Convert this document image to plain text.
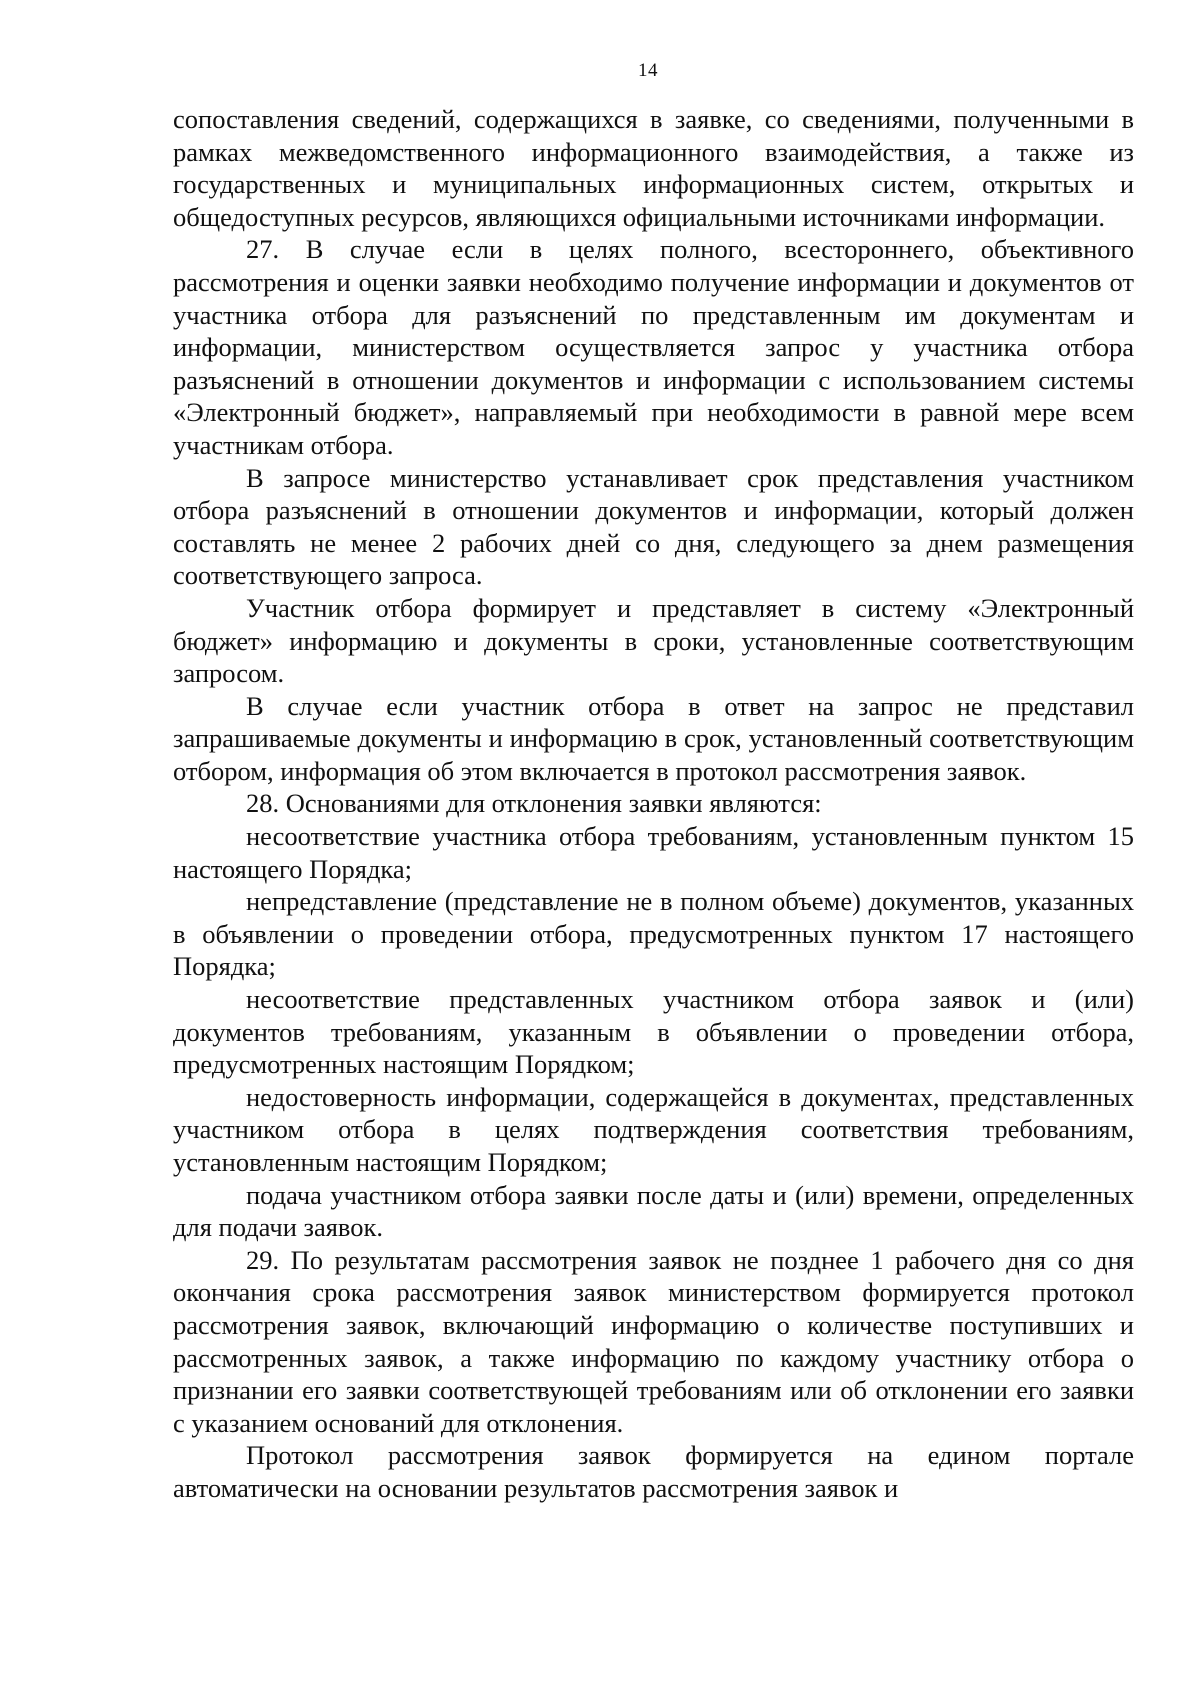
14

сопоставления сведений, содержащихся в заявке, со сведениями, полученными в рамках межведомственного информационного взаимодействия, а также из государственных и муниципальных информационных систем, открытых и общедоступных ресурсов, являющихся официальными источниками информации.

27. В случае если в целях полного, всестороннего, объективного рассмотрения и оценки заявки необходимо получение информации и документов от участника отбора для разъяснений по представленным им документам и информации, министерством осуществляется запрос у участника отбора разъяснений в отношении документов и информации с использованием системы «Электронный бюджет», направляемый при необходимости в равной мере всем участникам отбора.

В запросе министерство устанавливает срок представления участником отбора разъяснений в отношении документов и информации, который должен составлять не менее 2 рабочих дней со дня, следующего за днем размещения соответствующего запроса.

Участник отбора формирует и представляет в систему «Электронный бюджет» информацию и документы в сроки, установленные соответствующим запросом.

В случае если участник отбора в ответ на запрос не представил запрашиваемые документы и информацию в срок, установленный соответствующим отбором, информация об этом включается в протокол рассмотрения заявок.

28. Основаниями для отклонения заявки являются:

несоответствие участника отбора требованиям, установленным пунктом 15 настоящего Порядка;

непредставление (представление не в полном объеме) документов, указанных в объявлении о проведении отбора, предусмотренных пунктом 17 настоящего Порядка;

несоответствие представленных участником отбора заявок и (или) документов требованиям, указанным в объявлении о проведении отбора, предусмотренных настоящим Порядком;

недостоверность информации, содержащейся в документах, представленных участником отбора в целях подтверждения соответствия требованиям, установленным настоящим Порядком;

подача участником отбора заявки после даты и (или) времени, определенных для подачи заявок.

29. По результатам рассмотрения заявок не позднее 1 рабочего дня со дня окончания срока рассмотрения заявок министерством формируется протокол рассмотрения заявок, включающий информацию о количестве поступивших и рассмотренных заявок, а также информацию по каждому участнику отбора о признании его заявки соответствующей требованиям или об отклонении его заявки с указанием оснований для отклонения.

Протокол рассмотрения заявок формируется на едином портале автоматически на основании результатов рассмотрения заявок и
